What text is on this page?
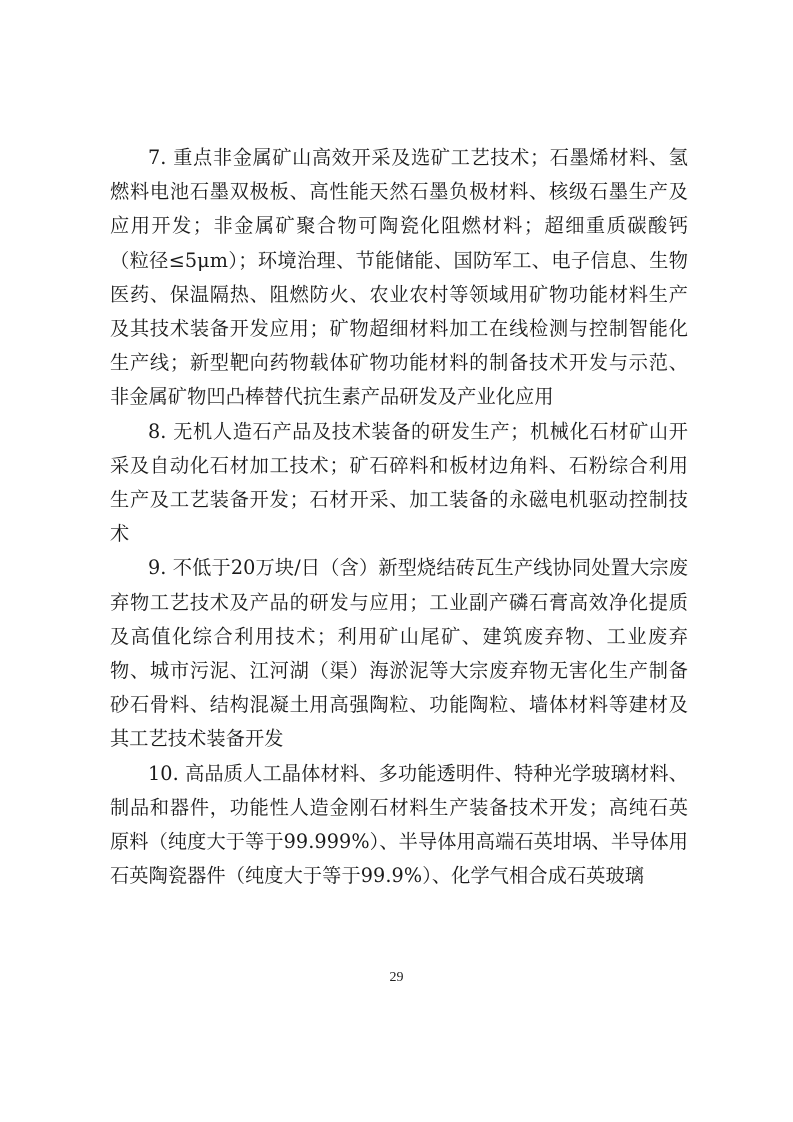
7. 重点非金属矿山高效开采及选矿工艺技术；石墨烯材料、氢燃料电池石墨双极板、高性能天然石墨负极材料、核级石墨生产及应用开发；非金属矿聚合物可陶瓷化阻燃材料；超细重质碳酸钙（粒径≤5μm）；环境治理、节能储能、国防军工、电子信息、生物医药、保温隔热、阻燃防火、农业农村等领域用矿物功能材料生产及其技术装备开发应用；矿物超细材料加工在线检测与控制智能化生产线；新型靶向药物载体矿物功能材料的制备技术开发与示范、非金属矿物凹凸棒替代抗生素产品研发及产业化应用

8. 无机人造石产品及技术装备的研发生产；机械化石材矿山开采及自动化石材加工技术；矿石碎料和板材边角料、石粉综合利用生产及工艺装备开发；石材开采、加工装备的永磁电机驱动控制技术

9. 不低于20万块/日（含）新型烧结砖瓦生产线协同处置大宗废弃物工艺技术及产品的研发与应用；工业副产磷石膏高效净化提质及高值化综合利用技术；利用矿山尾矿、建筑废弃物、工业废弃物、城市污泥、江河湖（渠）海淤泥等大宗废弃物无害化生产制备砂石骨料、结构混凝土用高强陶粒、功能陶粒、墙体材料等建材及其工艺技术装备开发

10. 高品质人工晶体材料、多功能透明件、特种光学玻璃材料、制品和器件，功能性人造金刚石材料生产装备技术开发；高纯石英原料（纯度大于等于99.999%）、半导体用高端石英坩埚、半导体用石英陶瓷器件（纯度大于等于99.9%）、化学气相合成石英玻璃

29
